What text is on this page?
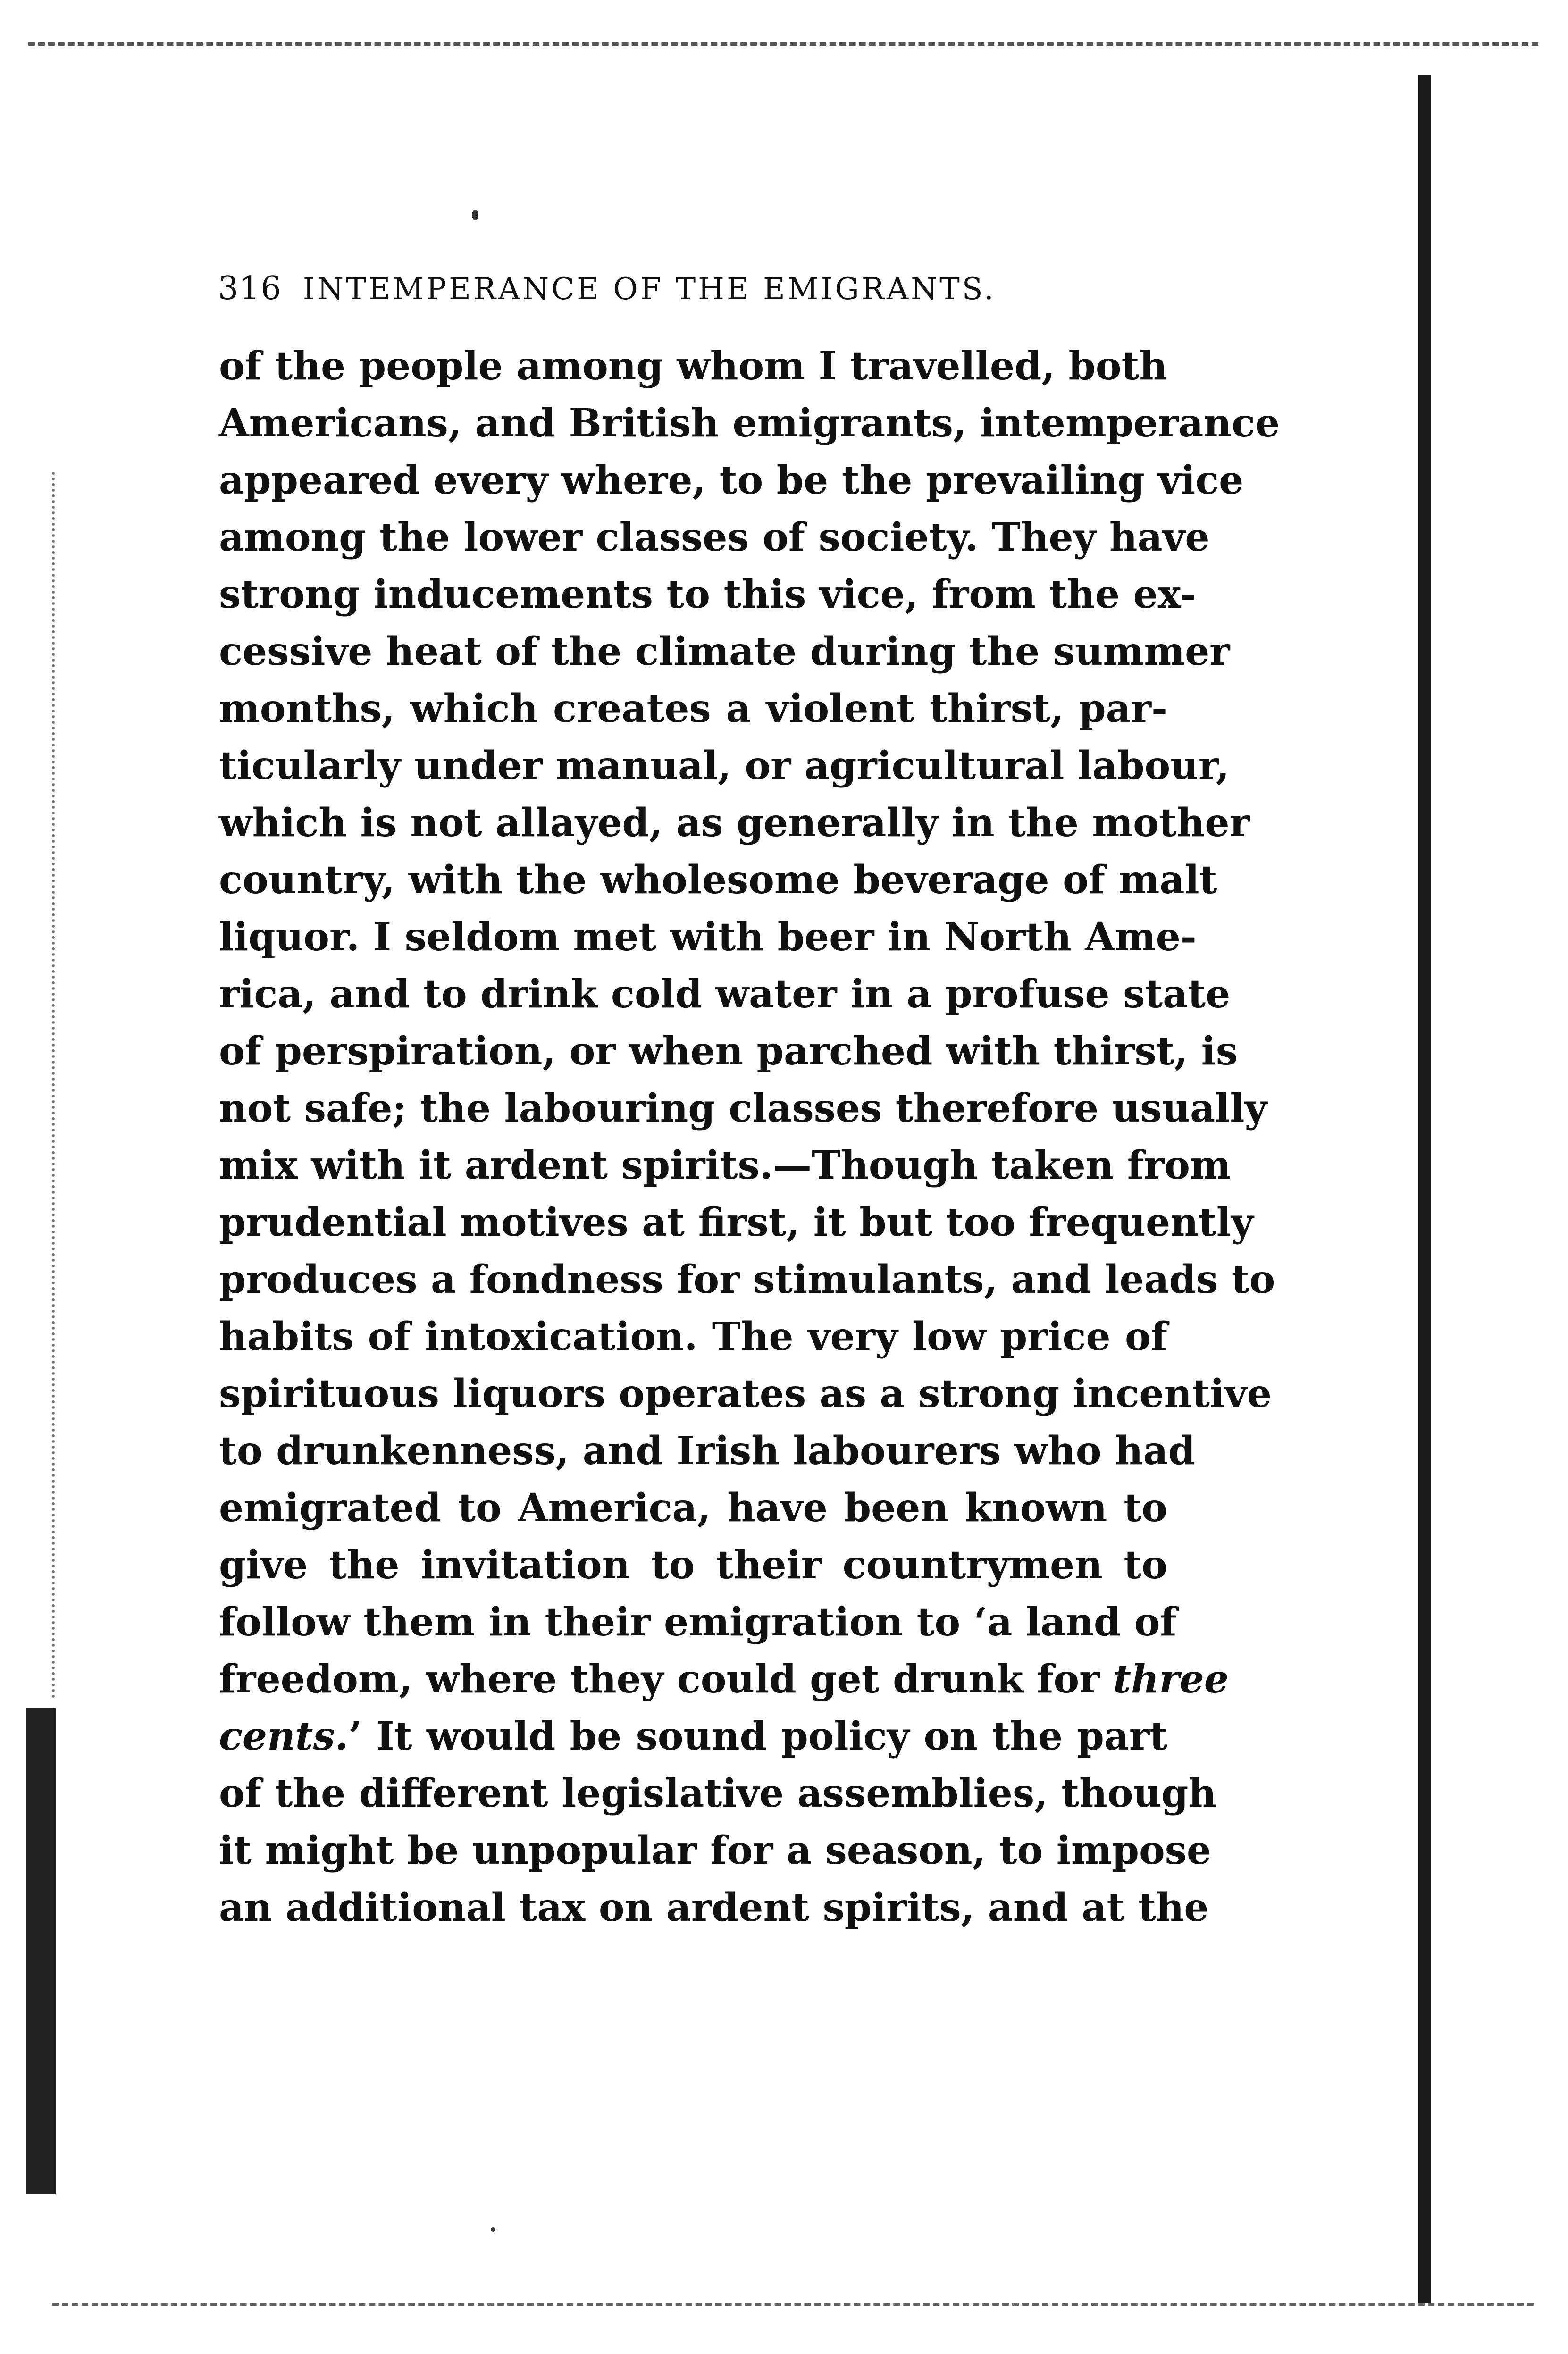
316 INTEMPERANCE OF THE EMIGRANTS.
of the people among whom I travelled, both
Americans, and British emigrants, intemperance
appeared every where, to be the prevailing vice
among the lower classes of society. They have
strong inducements to this vice, from the ex-
cessive heat of the climate during the summer
months, which creates a violent thirst, par-
ticularly under manual, or agricultural labour,
which is not allayed, as generally in the mother
country, with the wholesome beverage of malt
liquor. I seldom met with beer in North Ame-
rica, and to drink cold water in a profuse state
of perspiration, or when parched with thirst, is
not safe; the labouring classes therefore usually
mix with it ardent spirits.—Though taken from
prudential motives at first, it but too frequently
produces a fondness for stimulants, and leads to
habits of intoxication. The very low price of
spirituous liquors operates as a strong incentive
to drunkenness, and Irish labourers who had
emigrated to America, have been known to
give the invitation to their countrymen to
follow them in their emigration to ‘a land of
freedom, where they could get drunk for three
cents.’ It would be sound policy on the part
of the different legislative assemblies, though
it might be unpopular for a season, to impose
an additional tax on ardent spirits, and at the
